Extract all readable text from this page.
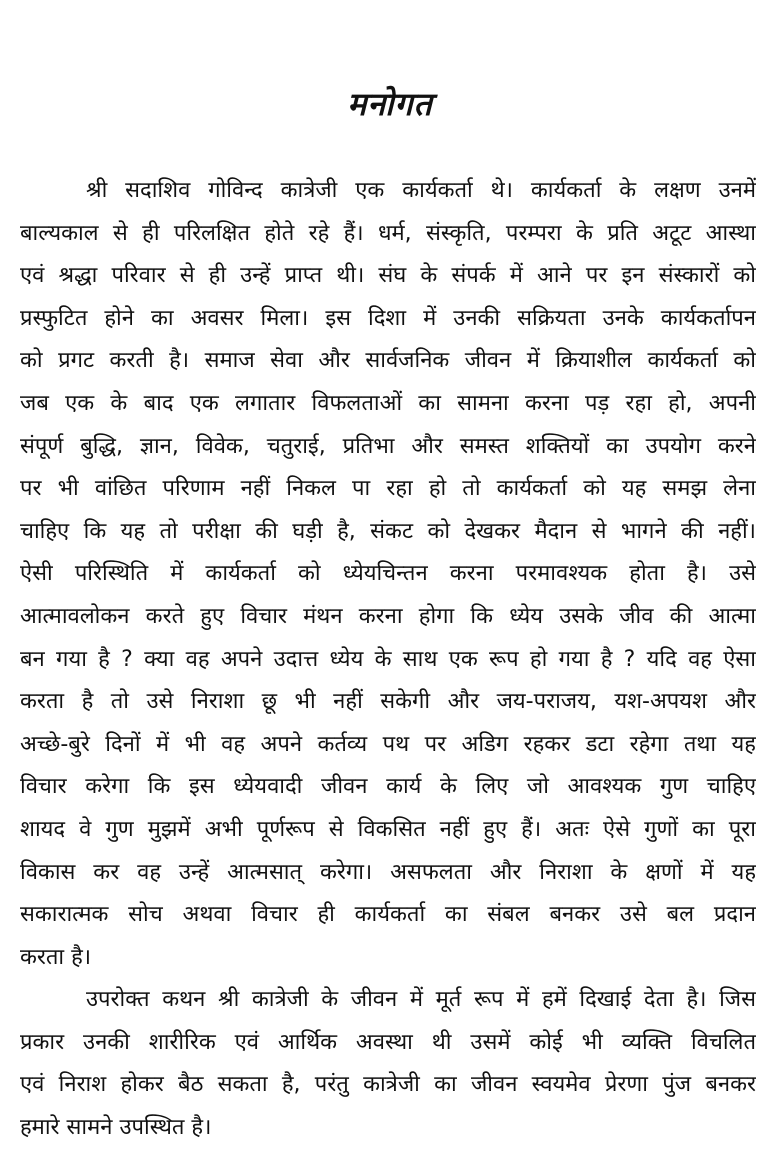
मनोगत
श्री सदाशिव गोविन्द कात्रेजी एक कार्यकर्ता थे। कार्यकर्ता के लक्षण उनमें
बाल्यकाल से ही परिलक्षित होते रहे हैं। धर्म, संस्कृति, परम्परा के प्रति अटूट आस्था
एवं श्रद्धा परिवार से ही उन्हें प्राप्त थी। संघ के संपर्क में आने पर इन संस्कारों को
प्रस्फुटित होने का अवसर मिला। इस दिशा में उनकी सक्रियता उनके कार्यकर्तापन
को प्रगट करती है। समाज सेवा और सार्वजनिक जीवन में क्रियाशील कार्यकर्ता को
जब एक के बाद एक लगातार विफलताओं का सामना करना पड़ रहा हो, अपनी
संपूर्ण बुद्धि, ज्ञान, विवेक, चतुराई, प्रतिभा और समस्त शक्तियों का उपयोग करने
पर भी वांछित परिणाम नहीं निकल पा रहा हो तो कार्यकर्ता को यह समझ लेना
चाहिए कि यह तो परीक्षा की घड़ी है, संकट को देखकर मैदान से भागने की नहीं।
ऐसी परिस्थिति में कार्यकर्ता को ध्येयचिन्तन करना परमावश्यक होता है। उसे
आत्मावलोकन करते हुए विचार मंथन करना होगा कि ध्येय उसके जीव की आत्मा
बन गया है ? क्या वह अपने उदात्त ध्येय के साथ एक रूप हो गया है ? यदि वह ऐसा
करता है तो उसे निराशा छू भी नहीं सकेगी और जय-पराजय, यश-अपयश और
अच्छे-बुरे दिनों में भी वह अपने कर्तव्य पथ पर अडिग रहकर डटा रहेगा तथा यह
विचार करेगा कि इस ध्येयवादी जीवन कार्य के लिए जो आवश्यक गुण चाहिए
शायद वे गुण मुझमें अभी पूर्णरूप से विकसित नहीं हुए हैं। अतः ऐसे गुणों का पूरा
विकास कर वह उन्हें आत्मसात् करेगा। असफलता और निराशा के क्षणों में यह
सकारात्मक सोच अथवा विचार ही कार्यकर्ता का संबल बनकर उसे बल प्रदान
करता है।
उपरोक्त कथन श्री कात्रेजी के जीवन में मूर्त रूप में हमें दिखाई देता है। जिस
प्रकार उनकी शारीरिक एवं आर्थिक अवस्था थी उसमें कोई भी व्यक्ति विचलित
एवं निराश होकर बैठ सकता है, परंतु कात्रेजी का जीवन स्वयमेव प्रेरणा पुंज बनकर
हमारे सामने उपस्थित है।
